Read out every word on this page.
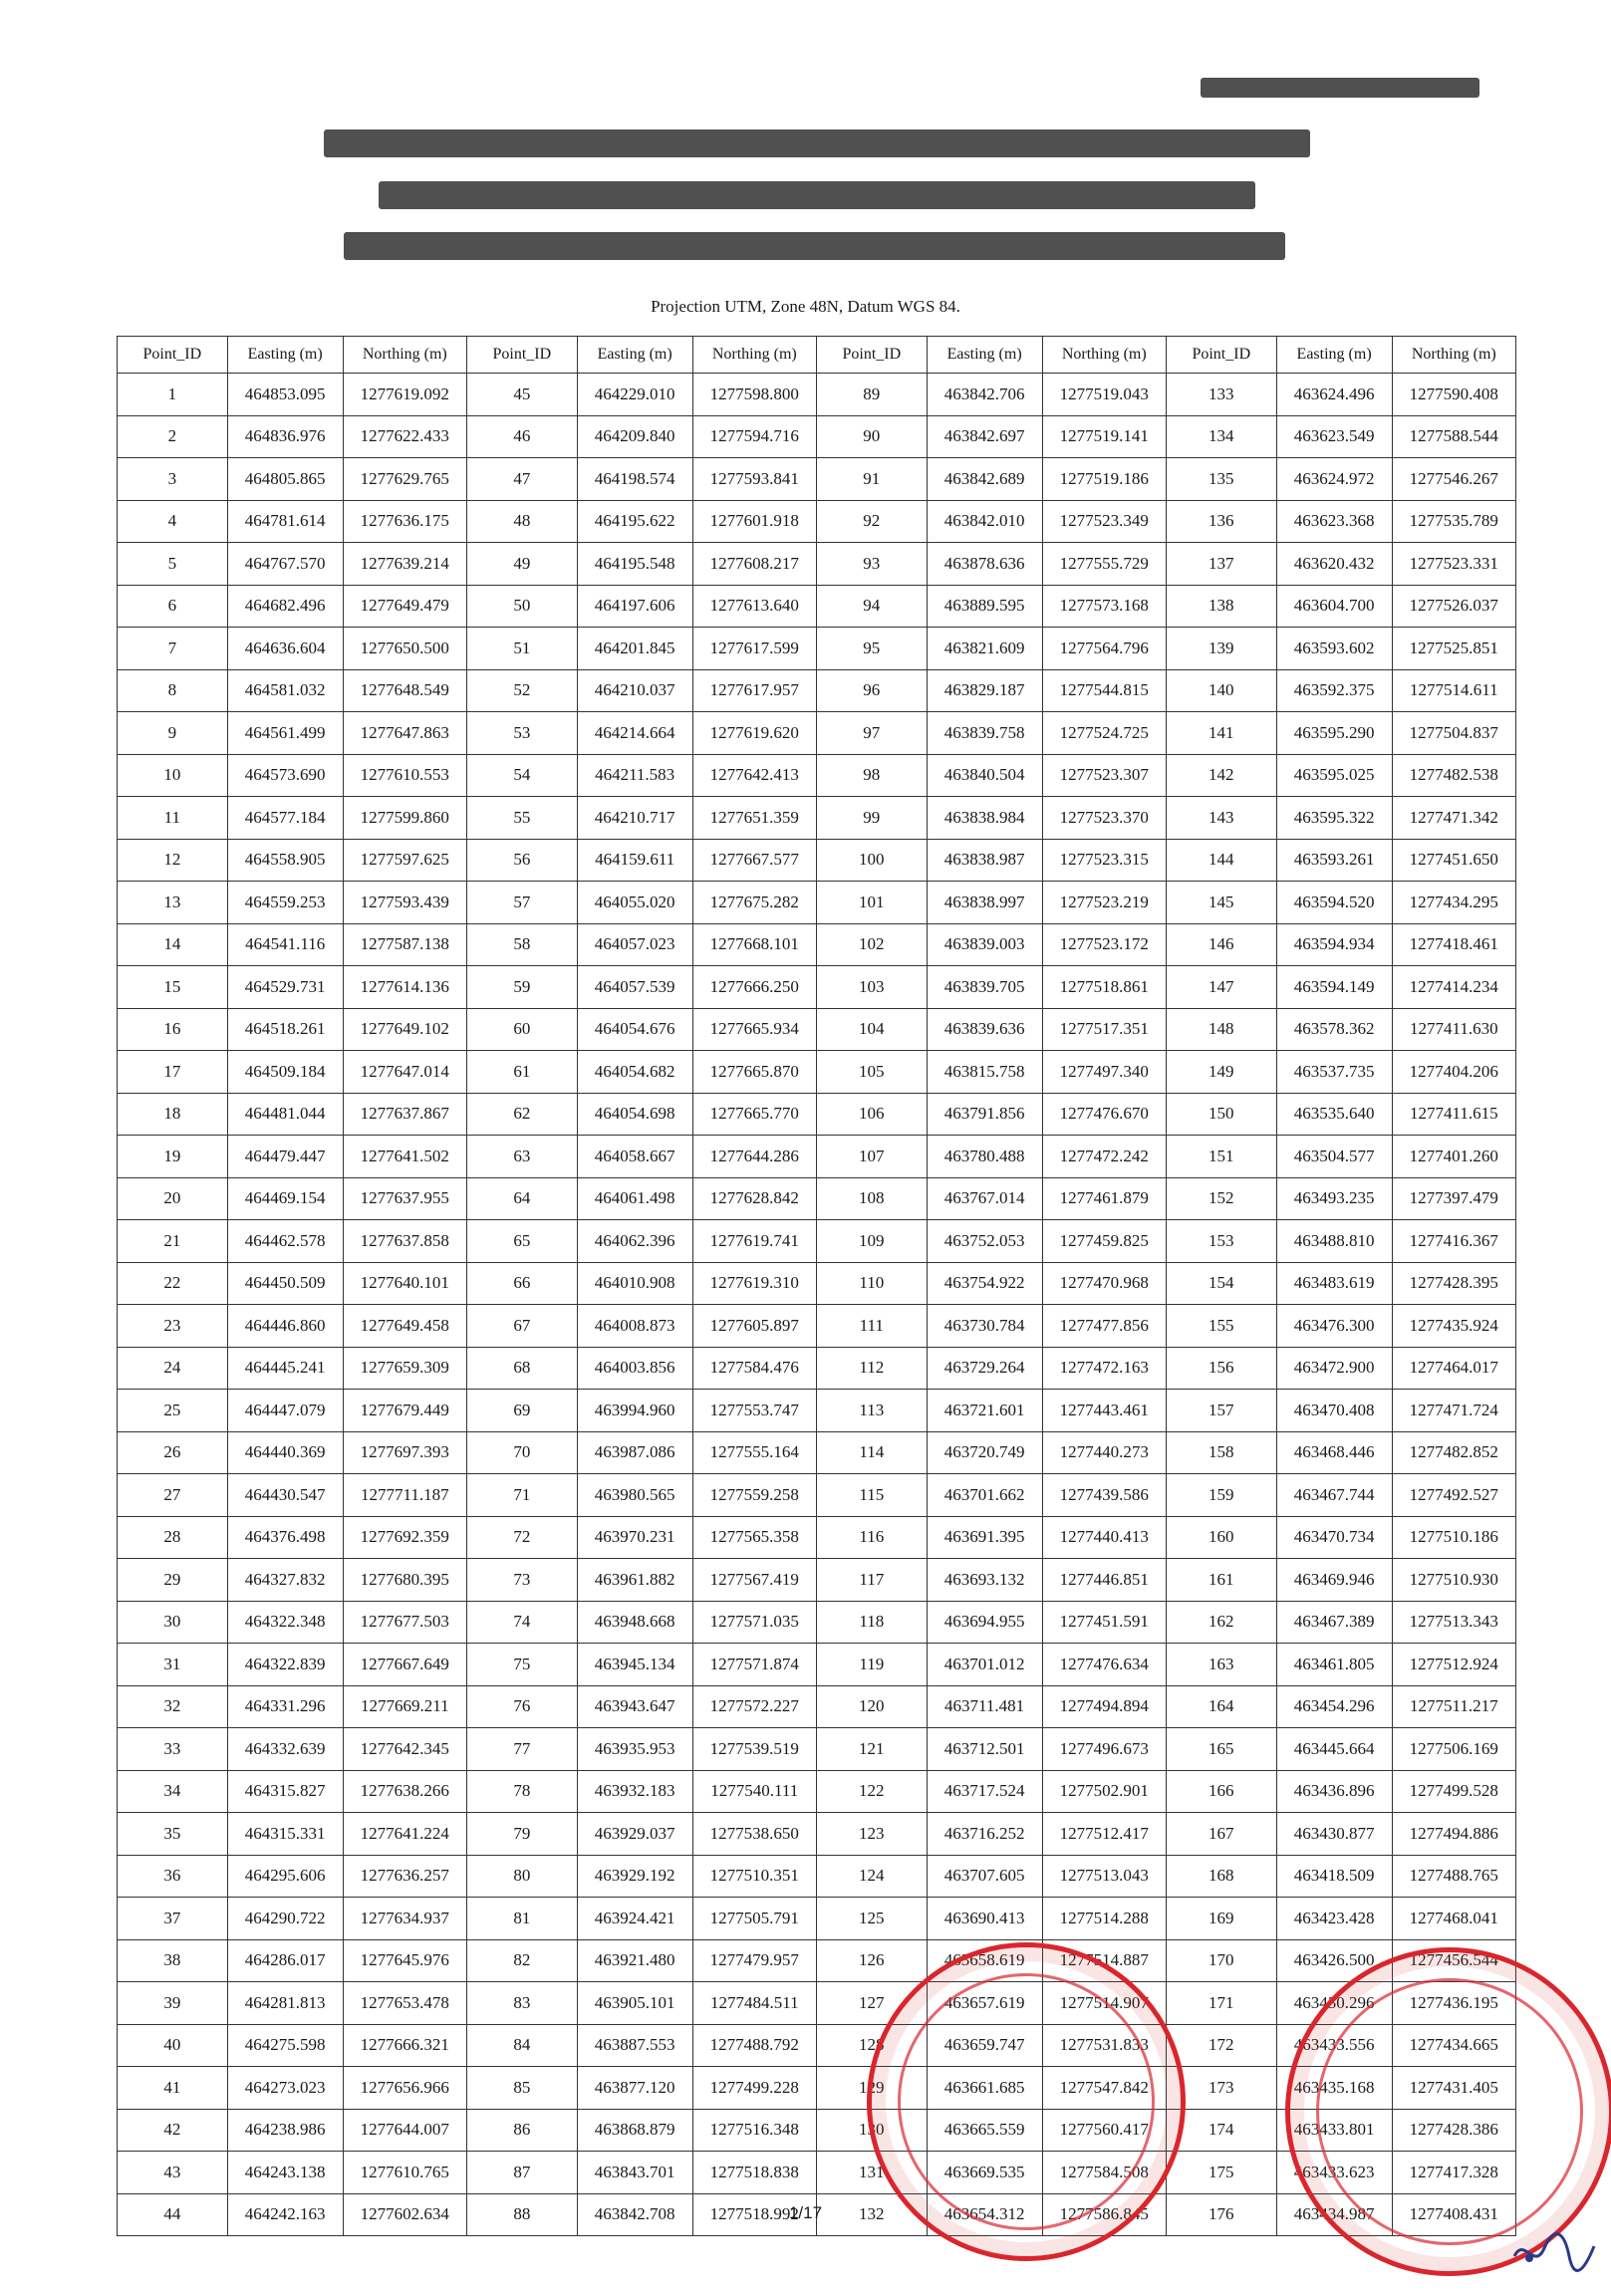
Projection UTM, Zone 48N, Datum WGS 84.
Point_ID	Easting (m)	Northing (m)	Point_ID	Easting (m)	Northing (m)	Point_ID	Easting (m)	Northing (m)	Point_ID	Easting (m)	Northing (m)
1	464853.095	1277619.092	45	464229.010	1277598.800	89	463842.706	1277519.043	133	463624.496	1277590.408
2	464836.976	1277622.433	46	464209.840	1277594.716	90	463842.697	1277519.141	134	463623.549	1277588.544
3	464805.865	1277629.765	47	464198.574	1277593.841	91	463842.689	1277519.186	135	463624.972	1277546.267
4	464781.614	1277636.175	48	464195.622	1277601.918	92	463842.010	1277523.349	136	463623.368	1277535.789
5	464767.570	1277639.214	49	464195.548	1277608.217	93	463878.636	1277555.729	137	463620.432	1277523.331
6	464682.496	1277649.479	50	464197.606	1277613.640	94	463889.595	1277573.168	138	463604.700	1277526.037
7	464636.604	1277650.500	51	464201.845	1277617.599	95	463821.609	1277564.796	139	463593.602	1277525.851
8	464581.032	1277648.549	52	464210.037	1277617.957	96	463829.187	1277544.815	140	463592.375	1277514.611
9	464561.499	1277647.863	53	464214.664	1277619.620	97	463839.758	1277524.725	141	463595.290	1277504.837
10	464573.690	1277610.553	54	464211.583	1277642.413	98	463840.504	1277523.307	142	463595.025	1277482.538
11	464577.184	1277599.860	55	464210.717	1277651.359	99	463838.984	1277523.370	143	463595.322	1277471.342
12	464558.905	1277597.625	56	464159.611	1277667.577	100	463838.987	1277523.315	144	463593.261	1277451.650
13	464559.253	1277593.439	57	464055.020	1277675.282	101	463838.997	1277523.219	145	463594.520	1277434.295
14	464541.116	1277587.138	58	464057.023	1277668.101	102	463839.003	1277523.172	146	463594.934	1277418.461
15	464529.731	1277614.136	59	464057.539	1277666.250	103	463839.705	1277518.861	147	463594.149	1277414.234
16	464518.261	1277649.102	60	464054.676	1277665.934	104	463839.636	1277517.351	148	463578.362	1277411.630
17	464509.184	1277647.014	61	464054.682	1277665.870	105	463815.758	1277497.340	149	463537.735	1277404.206
18	464481.044	1277637.867	62	464054.698	1277665.770	106	463791.856	1277476.670	150	463535.640	1277411.615
19	464479.447	1277641.502	63	464058.667	1277644.286	107	463780.488	1277472.242	151	463504.577	1277401.260
20	464469.154	1277637.955	64	464061.498	1277628.842	108	463767.014	1277461.879	152	463493.235	1277397.479
21	464462.578	1277637.858	65	464062.396	1277619.741	109	463752.053	1277459.825	153	463488.810	1277416.367
22	464450.509	1277640.101	66	464010.908	1277619.310	110	463754.922	1277470.968	154	463483.619	1277428.395
23	464446.860	1277649.458	67	464008.873	1277605.897	111	463730.784	1277477.856	155	463476.300	1277435.924
24	464445.241	1277659.309	68	464003.856	1277584.476	112	463729.264	1277472.163	156	463472.900	1277464.017
25	464447.079	1277679.449	69	463994.960	1277553.747	113	463721.601	1277443.461	157	463470.408	1277471.724
26	464440.369	1277697.393	70	463987.086	1277555.164	114	463720.749	1277440.273	158	463468.446	1277482.852
27	464430.547	1277711.187	71	463980.565	1277559.258	115	463701.662	1277439.586	159	463467.744	1277492.527
28	464376.498	1277692.359	72	463970.231	1277565.358	116	463691.395	1277440.413	160	463470.734	1277510.186
29	464327.832	1277680.395	73	463961.882	1277567.419	117	463693.132	1277446.851	161	463469.946	1277510.930
30	464322.348	1277677.503	74	463948.668	1277571.035	118	463694.955	1277451.591	162	463467.389	1277513.343
31	464322.839	1277667.649	75	463945.134	1277571.874	119	463701.012	1277476.634	163	463461.805	1277512.924
32	464331.296	1277669.211	76	463943.647	1277572.227	120	463711.481	1277494.894	164	463454.296	1277511.217
33	464332.639	1277642.345	77	463935.953	1277539.519	121	463712.501	1277496.673	165	463445.664	1277506.169
34	464315.827	1277638.266	78	463932.183	1277540.111	122	463717.524	1277502.901	166	463436.896	1277499.528
35	464315.331	1277641.224	79	463929.037	1277538.650	123	463716.252	1277512.417	167	463430.877	1277494.886
36	464295.606	1277636.257	80	463929.192	1277510.351	124	463707.605	1277513.043	168	463418.509	1277488.765
37	464290.722	1277634.937	81	463924.421	1277505.791	125	463690.413	1277514.288	169	463423.428	1277468.041
38	464286.017	1277645.976	82	463921.480	1277479.957	126	463658.619	1277514.887	170	463426.500	1277456.544
39	464281.813	1277653.478	83	463905.101	1277484.511	127	463657.619	1277514.907	171	463430.296	1277436.195
40	464275.598	1277666.321	84	463887.553	1277488.792	128	463659.747	1277531.833	172	463433.556	1277434.665
41	464273.023	1277656.966	85	463877.120	1277499.228	129	463661.685	1277547.842	173	463435.168	1277431.405
42	464238.986	1277644.007	86	463868.879	1277516.348	130	463665.559	1277560.417	174	463433.801	1277428.386
43	464243.138	1277610.765	87	463843.701	1277518.838	131	463669.535	1277584.508	175	463433.623	1277417.328
44	464242.163	1277602.634	88	463842.708	1277518.992	132	463654.312	1277586.845	176	463434.987	1277408.431
1/17
